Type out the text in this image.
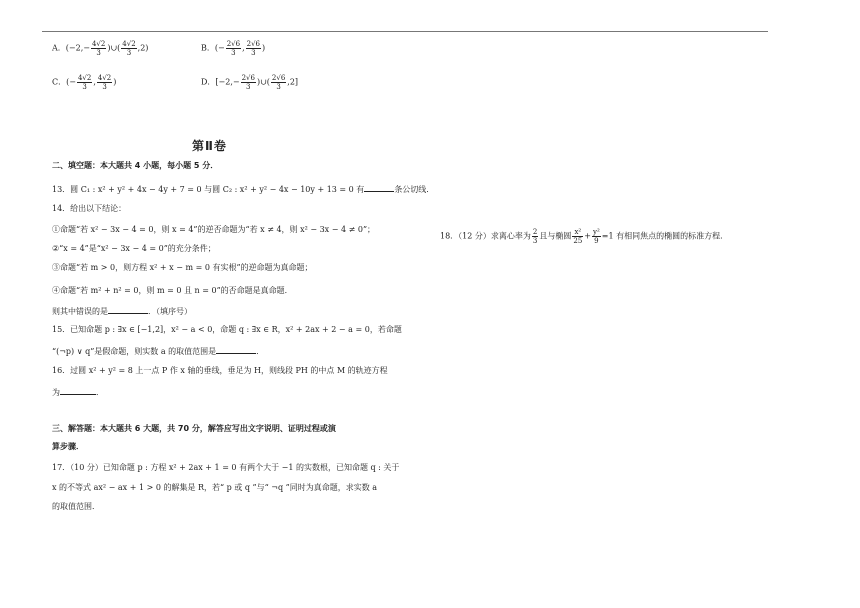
A．($-2,- \frac{4√2}{3}$ )∪( $\frac{4√2}{3} ,2$)	B．(− $\frac{2√6}{3}$ , $\frac{2√6}{3}$ )
C．(− $\frac{4√2}{3}$ , $\frac{4√2}{3}$ )	D．[$-2,- \frac{2√6}{3}$ )∪( $\frac{2√6}{3} ,2$]
第Ⅱ卷
二、填空题：本大题共 4 小题，每小题 5 分．
13．圆 C₁ : x² + y² + 4x − 4y + 7 = 0 与圆 C₂ : x² + y² − 4x − 10y + 13 = 0 有	条公切线．
14．给出以下结论：
①命题“若 x² − 3x − 4 = 0，则 x = 4”的逆否命题为“若 x ≠ 4，则 x² − 3x − 4 ≠ 0”；
②“x = 4”是“x² − 3x − 4 = 0”的充分条件；
③命题“若 m > 0，则方程 x² + x − m = 0 有实根”的逆命题为真命题；
④命题“若 m² + n² = 0，则 m = 0 且 n = 0”的否命题是真命题．
则其中错误的是	．（填序号）
15．已知命题 p : ∃x ∈ [−1,2]，x² − a < 0，命题 q : ∃x ∈ R，x² + 2ax + 2 − a = 0，若命题
“(¬p) ∨ q”是假命题，则实数 a 的取值范围是	．
16．过圆 x² + y² = 8 上一点 P 作 x 轴的垂线，垂足为 H，则线段 PH 的中点 M 的轨迹方程
为	．
三、解答题：本大题共 6 大题，共 70 分，解答应写出文字说明、证明过程或演
算步骤．
17．（10 分）已知命题 p : 方程 x² + 2ax + 1 = 0 有两个大于 −1 的实数根，已知命题 q : 关于
x 的不等式 ax² − ax + 1 > 0 的解集是 R，若“ p 或 q ”与“ ¬q ”同时为真命题，求实数 a
的取值范围．
18．（12 分）求离心率为 $\frac{2}{3}$ 且与椭圆 $\frac{\text{x²}}{25} + \frac{\text{y²}}{9} =1$ 有相同焦点的椭圆的标准方程．
